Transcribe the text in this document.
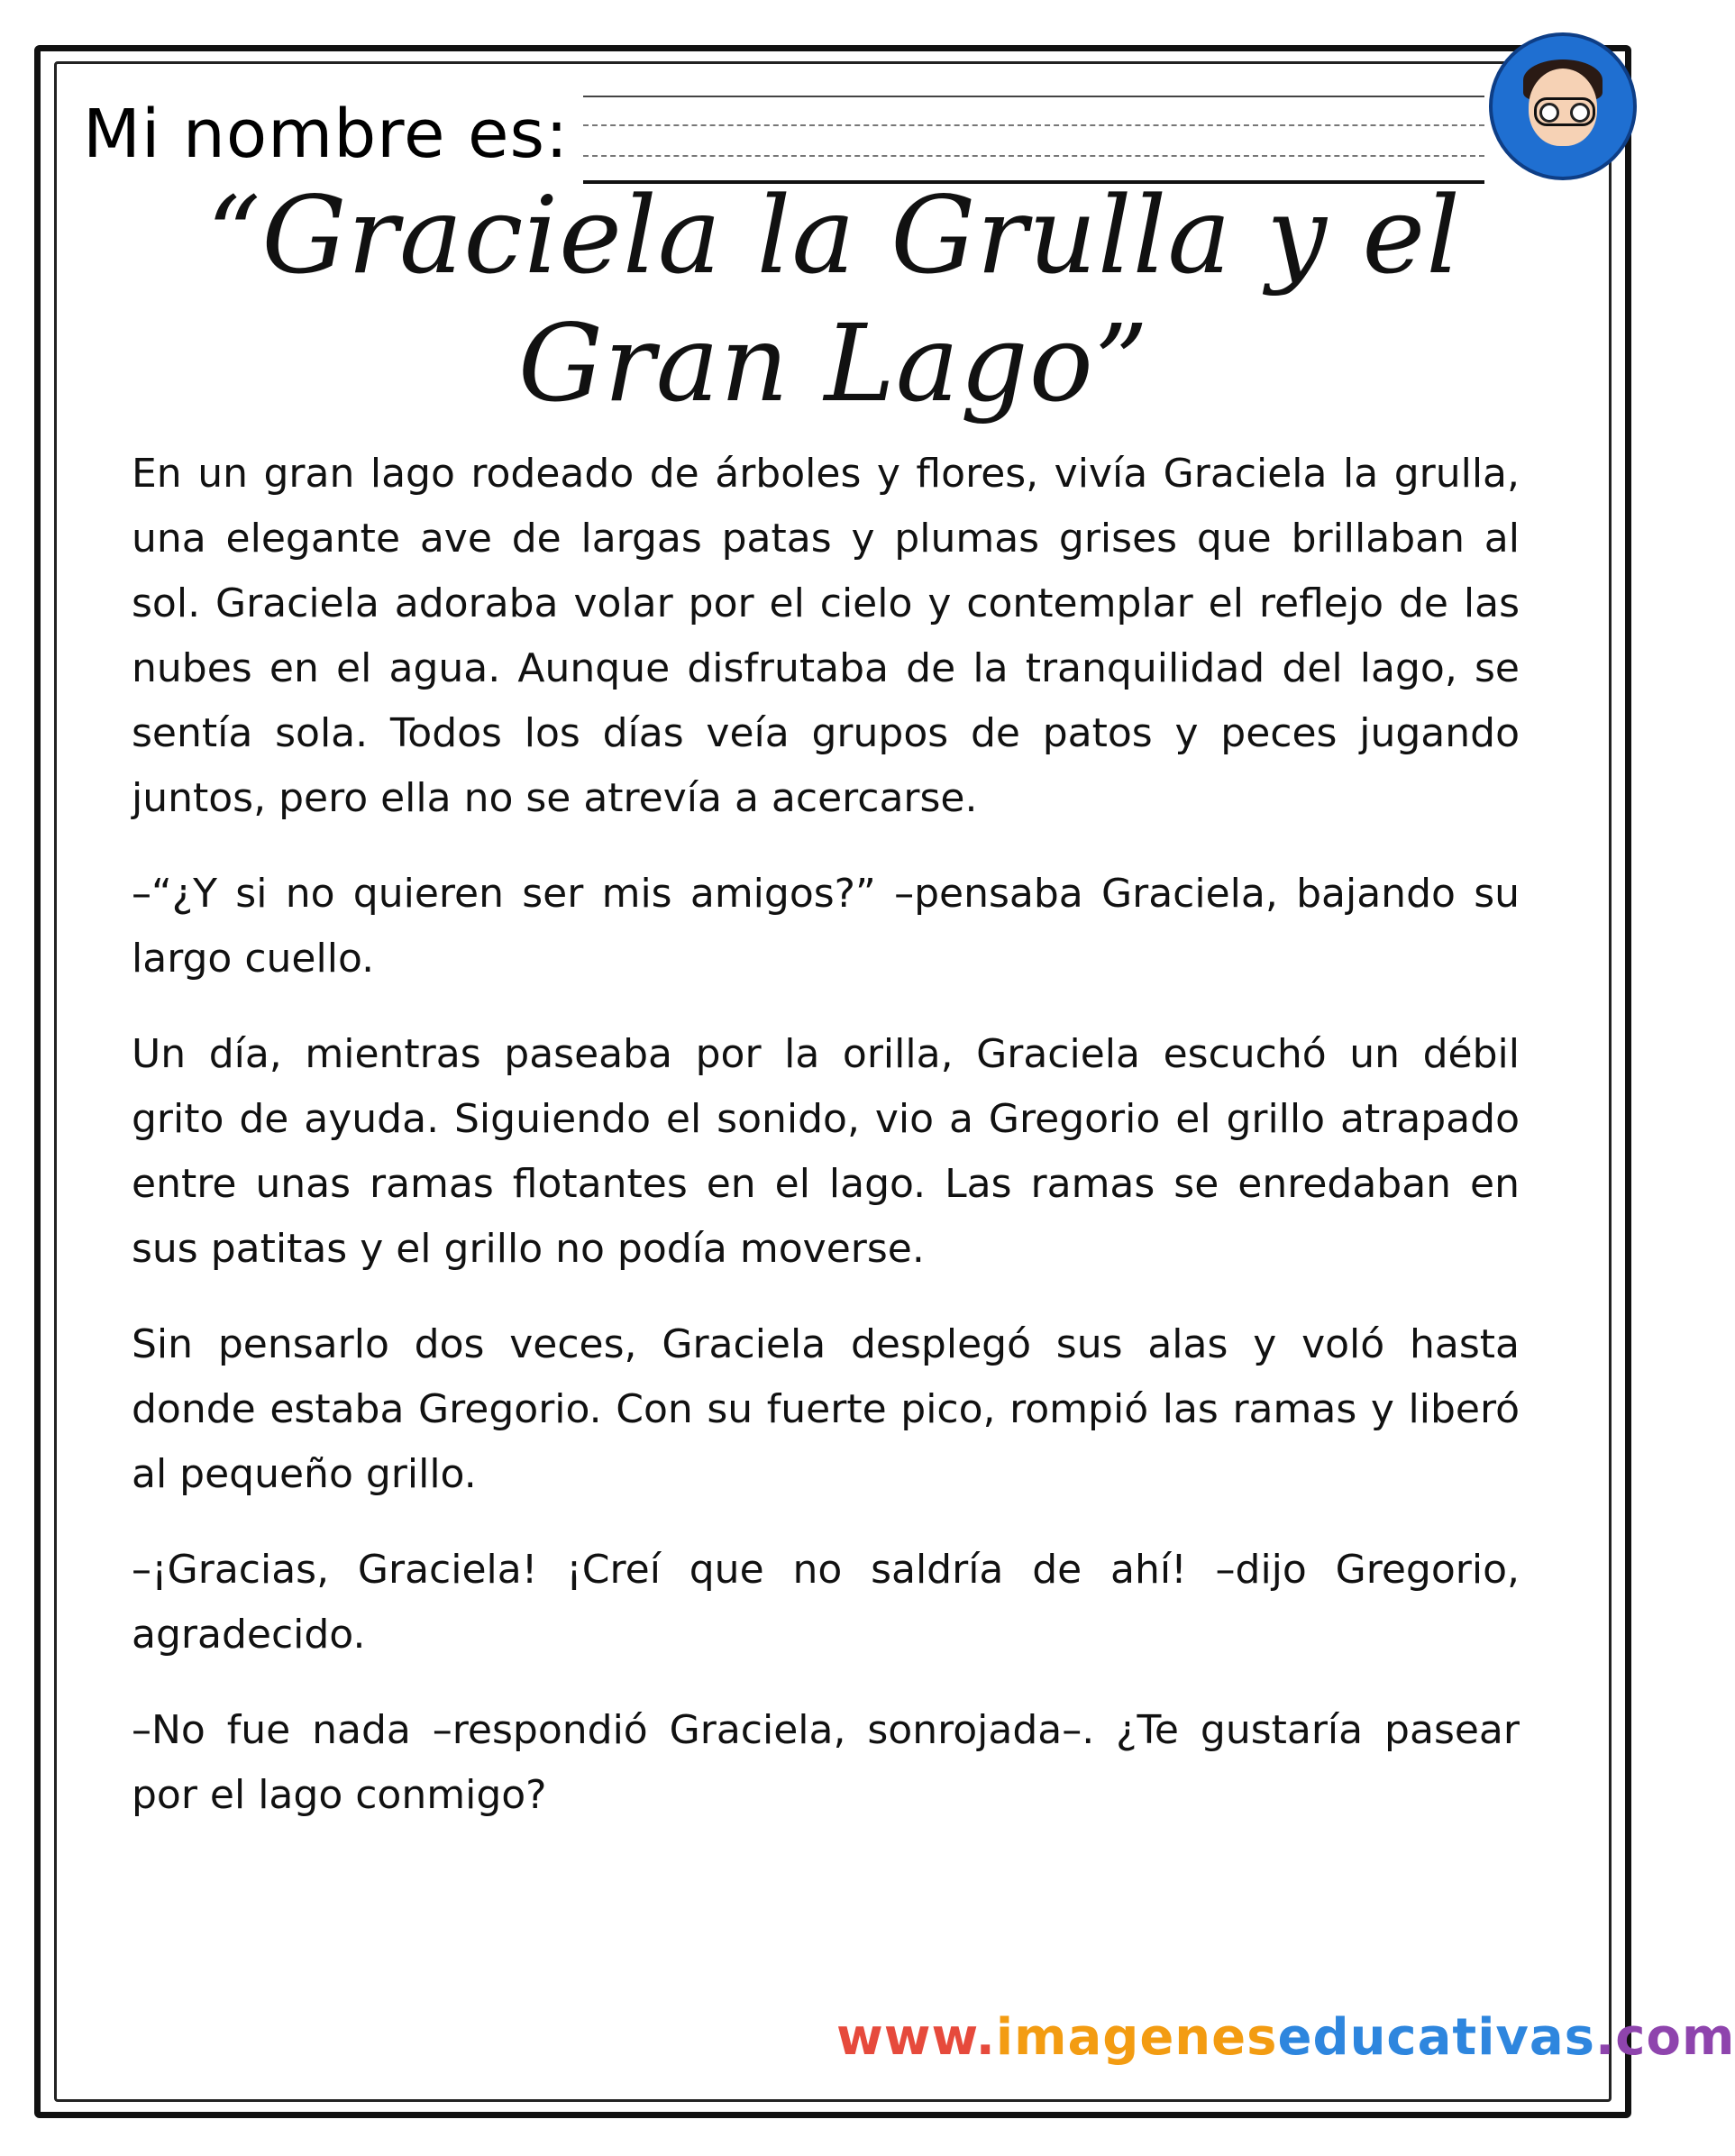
Mi nombre es:
“Graciela la Grulla y el Gran Lago”

En un gran lago rodeado de árboles y flores, vivía Graciela la grulla, una elegante ave de largas patas y plumas grises que brillaban al sol. Graciela adoraba volar por el cielo y contemplar el reflejo de las nubes en el agua. Aunque disfrutaba de la tranquilidad del lago, se sentía sola. Todos los días veía grupos de patos y peces jugando juntos, pero ella no se atrevía a acercarse.

–“¿Y si no quieren ser mis amigos?” –pensaba Graciela, bajando su largo cuello.

Un día, mientras paseaba por la orilla, Graciela escuchó un débil grito de ayuda. Siguiendo el sonido, vio a Gregorio el grillo atrapado entre unas ramas flotantes en el lago. Las ramas se enredaban en sus patitas y el grillo no podía moverse.

Sin pensarlo dos veces, Graciela desplegó sus alas y voló hasta donde estaba Gregorio. Con su fuerte pico, rompió las ramas y liberó al pequeño grillo.

–¡Gracias, Graciela! ¡Creí que no saldría de ahí! –dijo Gregorio, agradecido.

–No fue nada –respondió Graciela, sonrojada–. ¿Te gustaría pasear por el lago conmigo?

www.imageneseducativas.com
